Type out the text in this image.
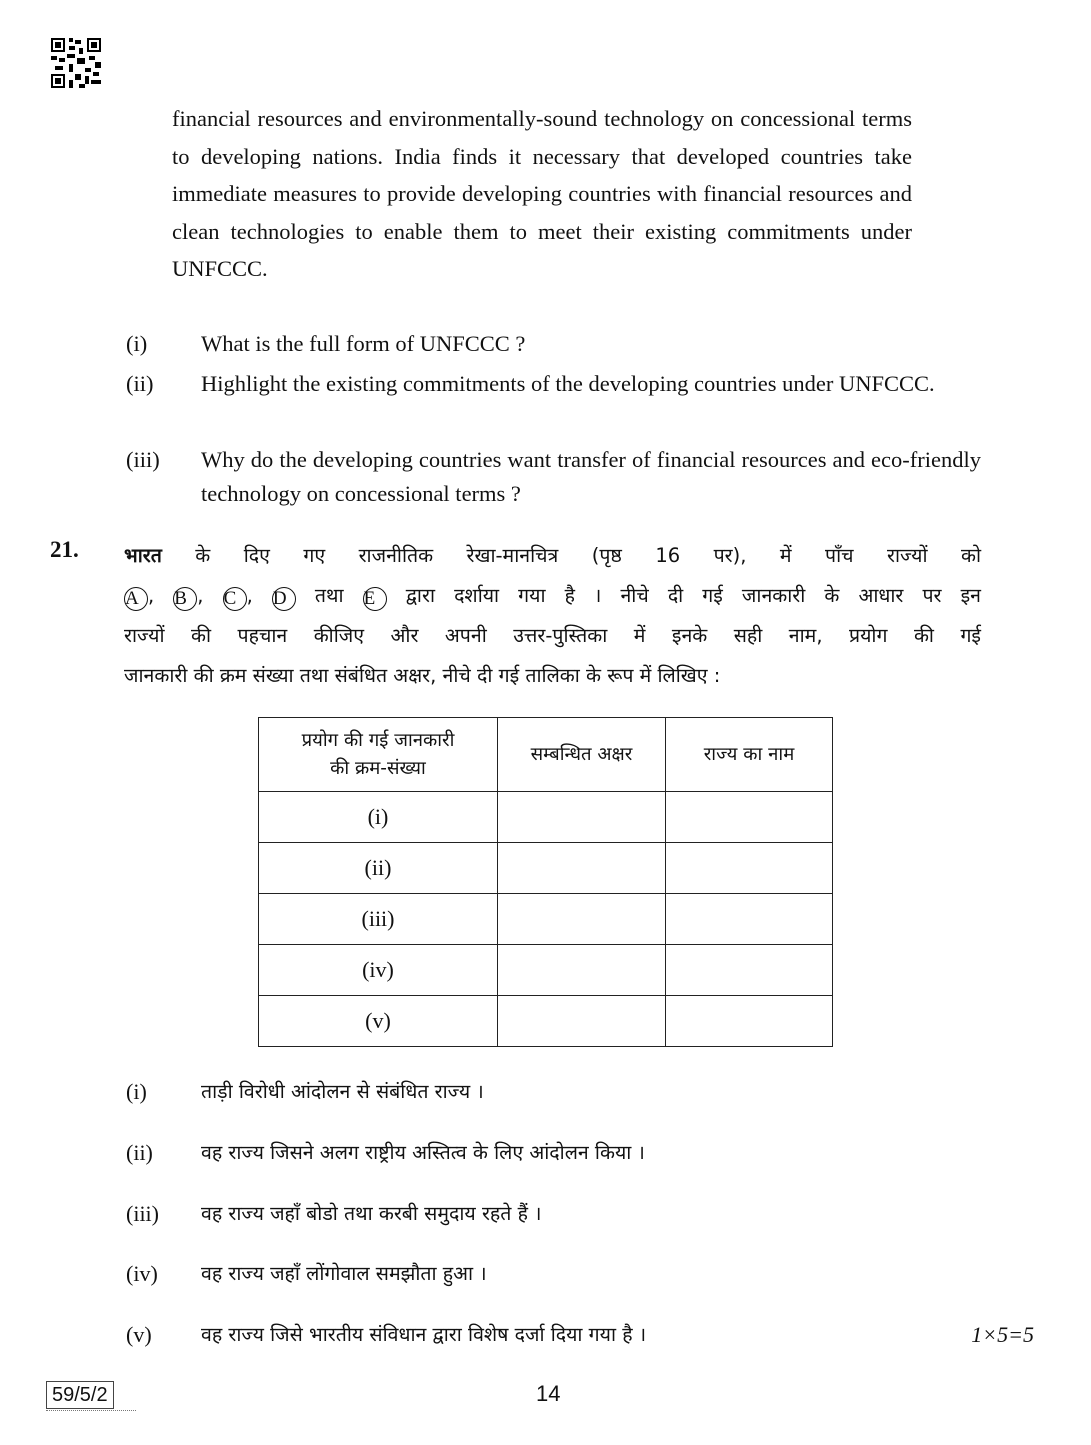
financial resources and environmentally-sound technology on concessional terms to developing nations. India finds it necessary that developed countries take immediate measures to provide developing countries with financial resources and clean technologies to enable them to meet their existing commitments under UNFCCC.
(i)	What is the full form of UNFCCC ?
(ii)	Highlight the existing commitments of the developing countries under UNFCCC.
(iii)	Why do the developing countries want transfer of financial resources and eco-friendly technology on concessional terms ?
21. भारत के दिए गए राजनीतिक रेखा-मानचित्र (पृष्ठ 16 पर), में पाँच राज्यों को
A , B , C , D तथा E द्वारा दर्शाया गया है । नीचे दी गई जानकारी के आधार पर इन
राज्यों की पहचान कीजिए और अपनी उत्तर-पुस्तिका में इनके सही नाम, प्रयोग की गई
जानकारी की क्रम संख्या तथा संबंधित अक्षर, नीचे दी गई तालिका के रूप में लिखिए :
प्रयोग की गई जानकारी
की क्रम-संख्या	सम्बन्धित अक्षर	राज्य का नाम
(i)		
(ii)		
(iii)		
(iv)		
(v)		
(i)	ताड़ी विरोधी आंदोलन से संबंधित राज्य ।
(ii) वह राज्य जिसने अलग राष्ट्रीय अस्तित्व के लिए आंदोलन किया ।
(iii) वह राज्य जहाँ बोडो तथा करबी समुदाय रहते हैं ।
(iv) वह राज्य जहाँ लोंगोवाल समझौता हुआ ।
(v)	वह राज्य जिसे भारतीय संविधान द्वारा विशेष दर्जा दिया गया है ।	1×5=5
59/5/2	14
